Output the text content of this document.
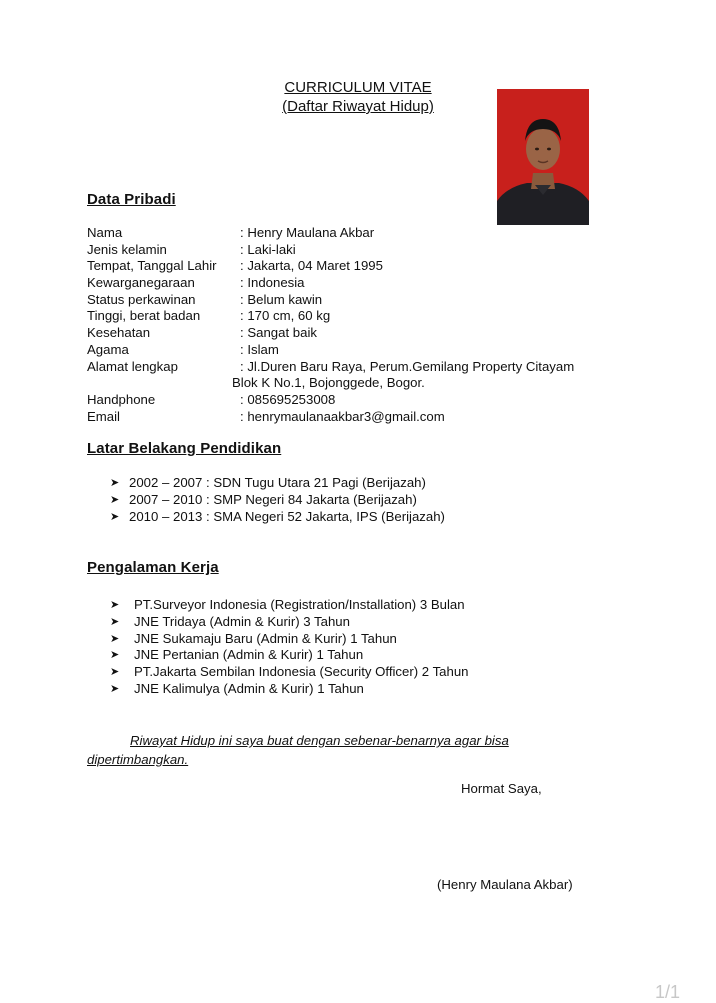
CURRICULUM VITAE
(Daftar Riwayat Hidup)
Data Pribadi
Nama	: Henry Maulana Akbar
Jenis kelamin	: Laki-laki
Tempat, Tanggal Lahir : Jakarta, 04 Maret 1995
Kewarganegaraan	: Indonesia
Status perkawinan	: Belum kawin
Tinggi, berat badan	: 170 cm, 60 kg
Kesehatan	: Sangat baik
Agama	: Islam
Alamat lengkap	: Jl.Duren Baru Raya, Perum.Gemilang Property Citayam
Blok K No.1, Bojonggede, Bogor.
Handphone	: 085695253008
Email	: henrymaulanaakbar3@gmail.com
Latar Belakang Pendidikan
➤ 2002 – 2007 : SDN Tugu Utara 21 Pagi (Berijazah)
➤ 2007 – 2010 : SMP Negeri 84 Jakarta (Berijazah)
➤ 2010 – 2013 : SMA Negeri 52 Jakarta, IPS (Berijazah)
Pengalaman Kerja
➤ PT.Surveyor Indonesia (Registration/Installation) 3 Bulan
➤ JNE Tridaya (Admin & Kurir) 3 Tahun
➤ JNE Sukamaju Baru (Admin & Kurir) 1 Tahun
➤ JNE Pertanian (Admin & Kurir) 1 Tahun
➤ PT.Jakarta Sembilan Indonesia (Security Officer) 2 Tahun
➤ JNE Kalimulya (Admin & Kurir) 1 Tahun
Riwayat Hidup ini saya buat dengan sebenar-benarnya agar bisa
dipertimbangkan.
Hormat Saya,
(Henry Maulana Akbar)
1/1
